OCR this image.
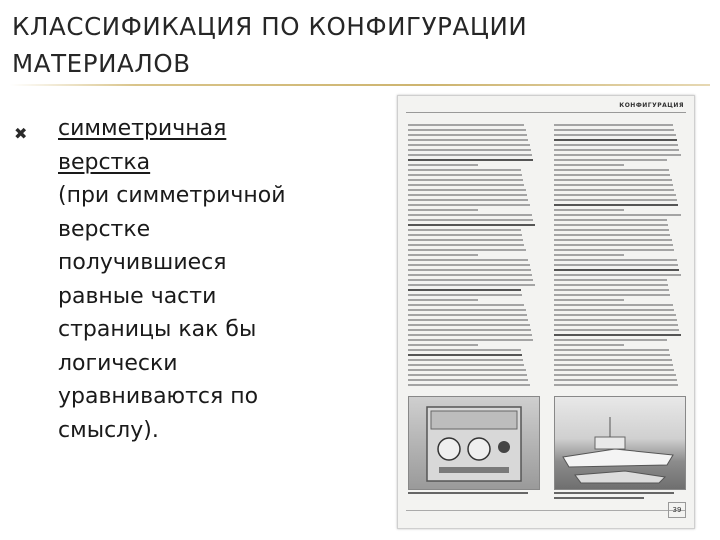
КЛАССИФИКАЦИЯ ПО КОНФИГУРАЦИИ
МАТЕРИАЛОВ
✖ симметричная
верстка
(при симметричной
верстке
получившиеся
равные части
страницы как бы
логически
уравниваются по
смыслу).
КОНФИГУРАЦИЯ
39
